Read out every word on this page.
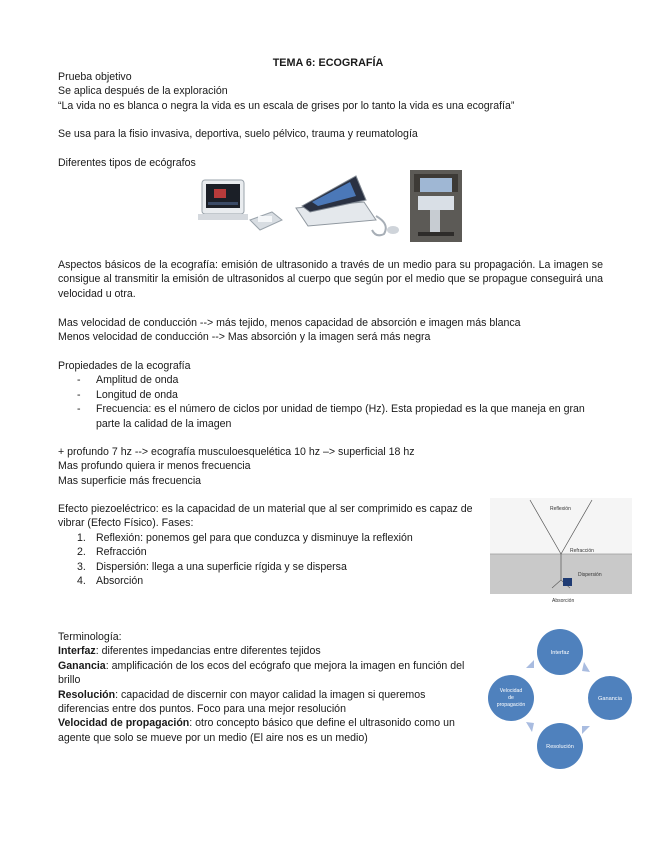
TEMA 6: ECOGRAFÍA

Prueba objetivo

Se aplica después de la exploración

“La vida no es blanca o negra la vida es un escala de grises por lo tanto la vida es una ecografía”

Se usa para la fisio invasiva, deportiva, suelo pélvico, trauma y reumatología

Diferentes tipos de ecógrafos

Aspectos básicos de la ecografía: emisión de ultrasonido a través de un medio para su propagación. La imagen se consigue al transmitir la emisión de ultrasonidos al cuerpo que según por el medio que se propague conseguirá una velocidad u otra.

Mas velocidad de conducción --> más tejido, menos capacidad de absorción e imagen más blanca

Menos velocidad de conducción --> Mas absorción y la imagen será más negra

Propiedades de la ecografía

- Amplitud de onda
- Longitud de onda
- Frecuencia: es el número de ciclos por unidad de tiempo (Hz). Esta propiedad es la que maneja en gran parte la calidad de la imagen

+ profundo 7 hz --> ecografía musculoesquelética 10 hz –> superficial 18 hz

Mas profundo quiera ir menos frecuencia

Mas superficie más frecuencia

Efecto piezoeléctrico: es la capacidad de un material que al ser comprimido es capaz de vibrar (Efecto Físico). Fases:

1. Reflexión: ponemos gel para que conduzca y disminuye la reflexión
2. Refracción
3. Dispersión: llega a una superficie rígida y se dispersa
4. Absorción

Terminología:

Interfaz: diferentes impedancias entre diferentes tejidos

Ganancia: amplificación de los ecos del ecógrafo que mejora la imagen en función del brillo

Resolución: capacidad de discernir con mayor calidad la imagen si queremos diferencias entre dos puntos. Foco para una mejor resolución

Velocidad de propagación: otro concepto básico que define el ultrasonido como un agente que solo se mueve por un medio (El aire nos es un medio)

Reflexión
Refracción
Dispersión
Absorción
Interfaz
Ganancia
Resolución
Velocidad
de
propagación
